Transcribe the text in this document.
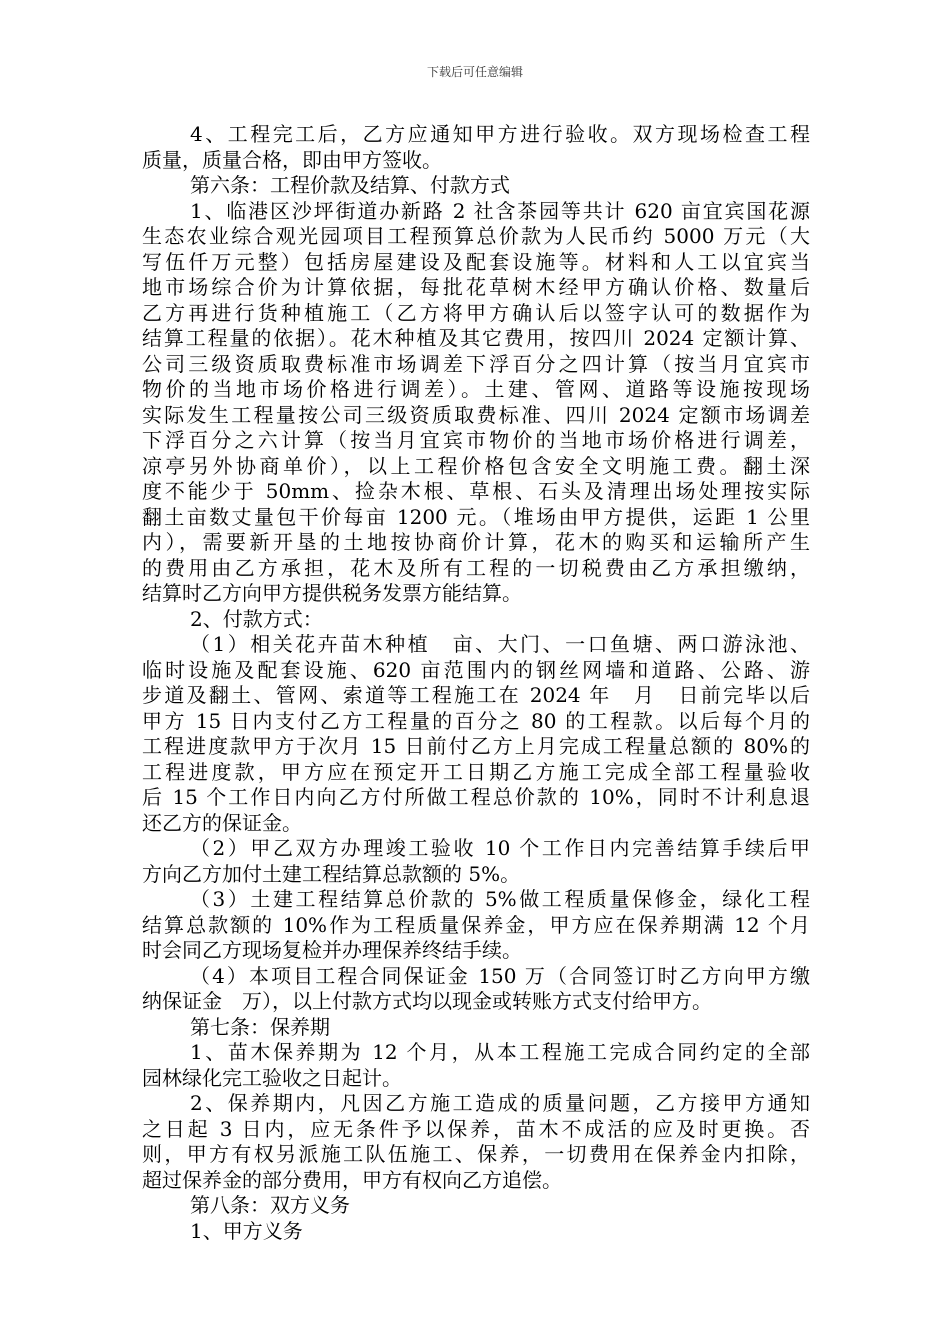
下载后可任意编辑
4、工程完工后，乙方应通知甲方进行验收。双方现场检查工程
质量，质量合格，即由甲方签收。
第六条：工程价款及结算、付款方式
1、临港区沙坪街道办新路 2 社含茶园等共计 620 亩宜宾国花源
生态农业综合观光园项目工程预算总价款为人民币约 5000 万元（大
写伍仟万元整）包括房屋建设及配套设施等。材料和人工以宜宾当
地市场综合价为计算依据，每批花草树木经甲方确认价格、数量后
乙方再进行货种植施工（乙方将甲方确认后以签字认可的数据作为
结算工程量的依据）。花木种植及其它费用，按四川 2024 定额计算、
公司三级资质取费标准市场调差下浮百分之四计算（按当月宜宾市
物价的当地市场价格进行调差）。土建、管网、道路等设施按现场
实际发生工程量按公司三级资质取费标准、四川 2024 定额市场调差
下浮百分之六计算（按当月宜宾市物价的当地市场价格进行调差，
凉亭另外协商单价），以上工程价格包含安全文明施工费。翻土深
度不能少于 50mm、捡杂木根、草根、石头及清理出场处理按实际
翻土亩数丈量包干价每亩 1200 元。（堆场由甲方提供，运距 1 公里
内），需要新开垦的土地按协商价计算，花木的购买和运输所产生
的费用由乙方承担，花木及所有工程的一切税费由乙方承担缴纳，
结算时乙方向甲方提供税务发票方能结算。
2、付款方式：
（1）相关花卉苗木种植　亩、大门、一口鱼塘、两口游泳池、
临时设施及配套设施、620 亩范围内的钢丝网墙和道路、公路、游
步道及翻土、管网、索道等工程施工在 2024 年　月　日前完毕以后
甲方 15 日内支付乙方工程量的百分之 80 的工程款。以后每个月的
工程进度款甲方于次月 15 日前付乙方上月完成工程量总额的 80%的
工程进度款，甲方应在预定开工日期乙方施工完成全部工程量验收
后 15 个工作日内向乙方付所做工程总价款的 10%，同时不计利息退
还乙方的保证金。
（2）甲乙双方办理竣工验收 10 个工作日内完善结算手续后甲
方向乙方加付土建工程结算总款额的 5%。
（3）土建工程结算总价款的 5%做工程质量保修金，绿化工程
结算总款额的 10%作为工程质量保养金，甲方应在保养期满 12 个月
时会同乙方现场复检并办理保养终结手续。
（4）本项目工程合同保证金 150 万（合同签订时乙方向甲方缴
纳保证金　万），以上付款方式均以现金或转账方式支付给甲方。
第七条：保养期
1、苗木保养期为 12 个月，从本工程施工完成合同约定的全部
园林绿化完工验收之日起计。
2、保养期内，凡因乙方施工造成的质量问题，乙方接甲方通知
之日起 3 日内，应无条件予以保养，苗木不成活的应及时更换。否
则，甲方有权另派施工队伍施工、保养，一切费用在保养金内扣除，
超过保养金的部分费用，甲方有权向乙方追偿。
第八条：双方义务
1、甲方义务
